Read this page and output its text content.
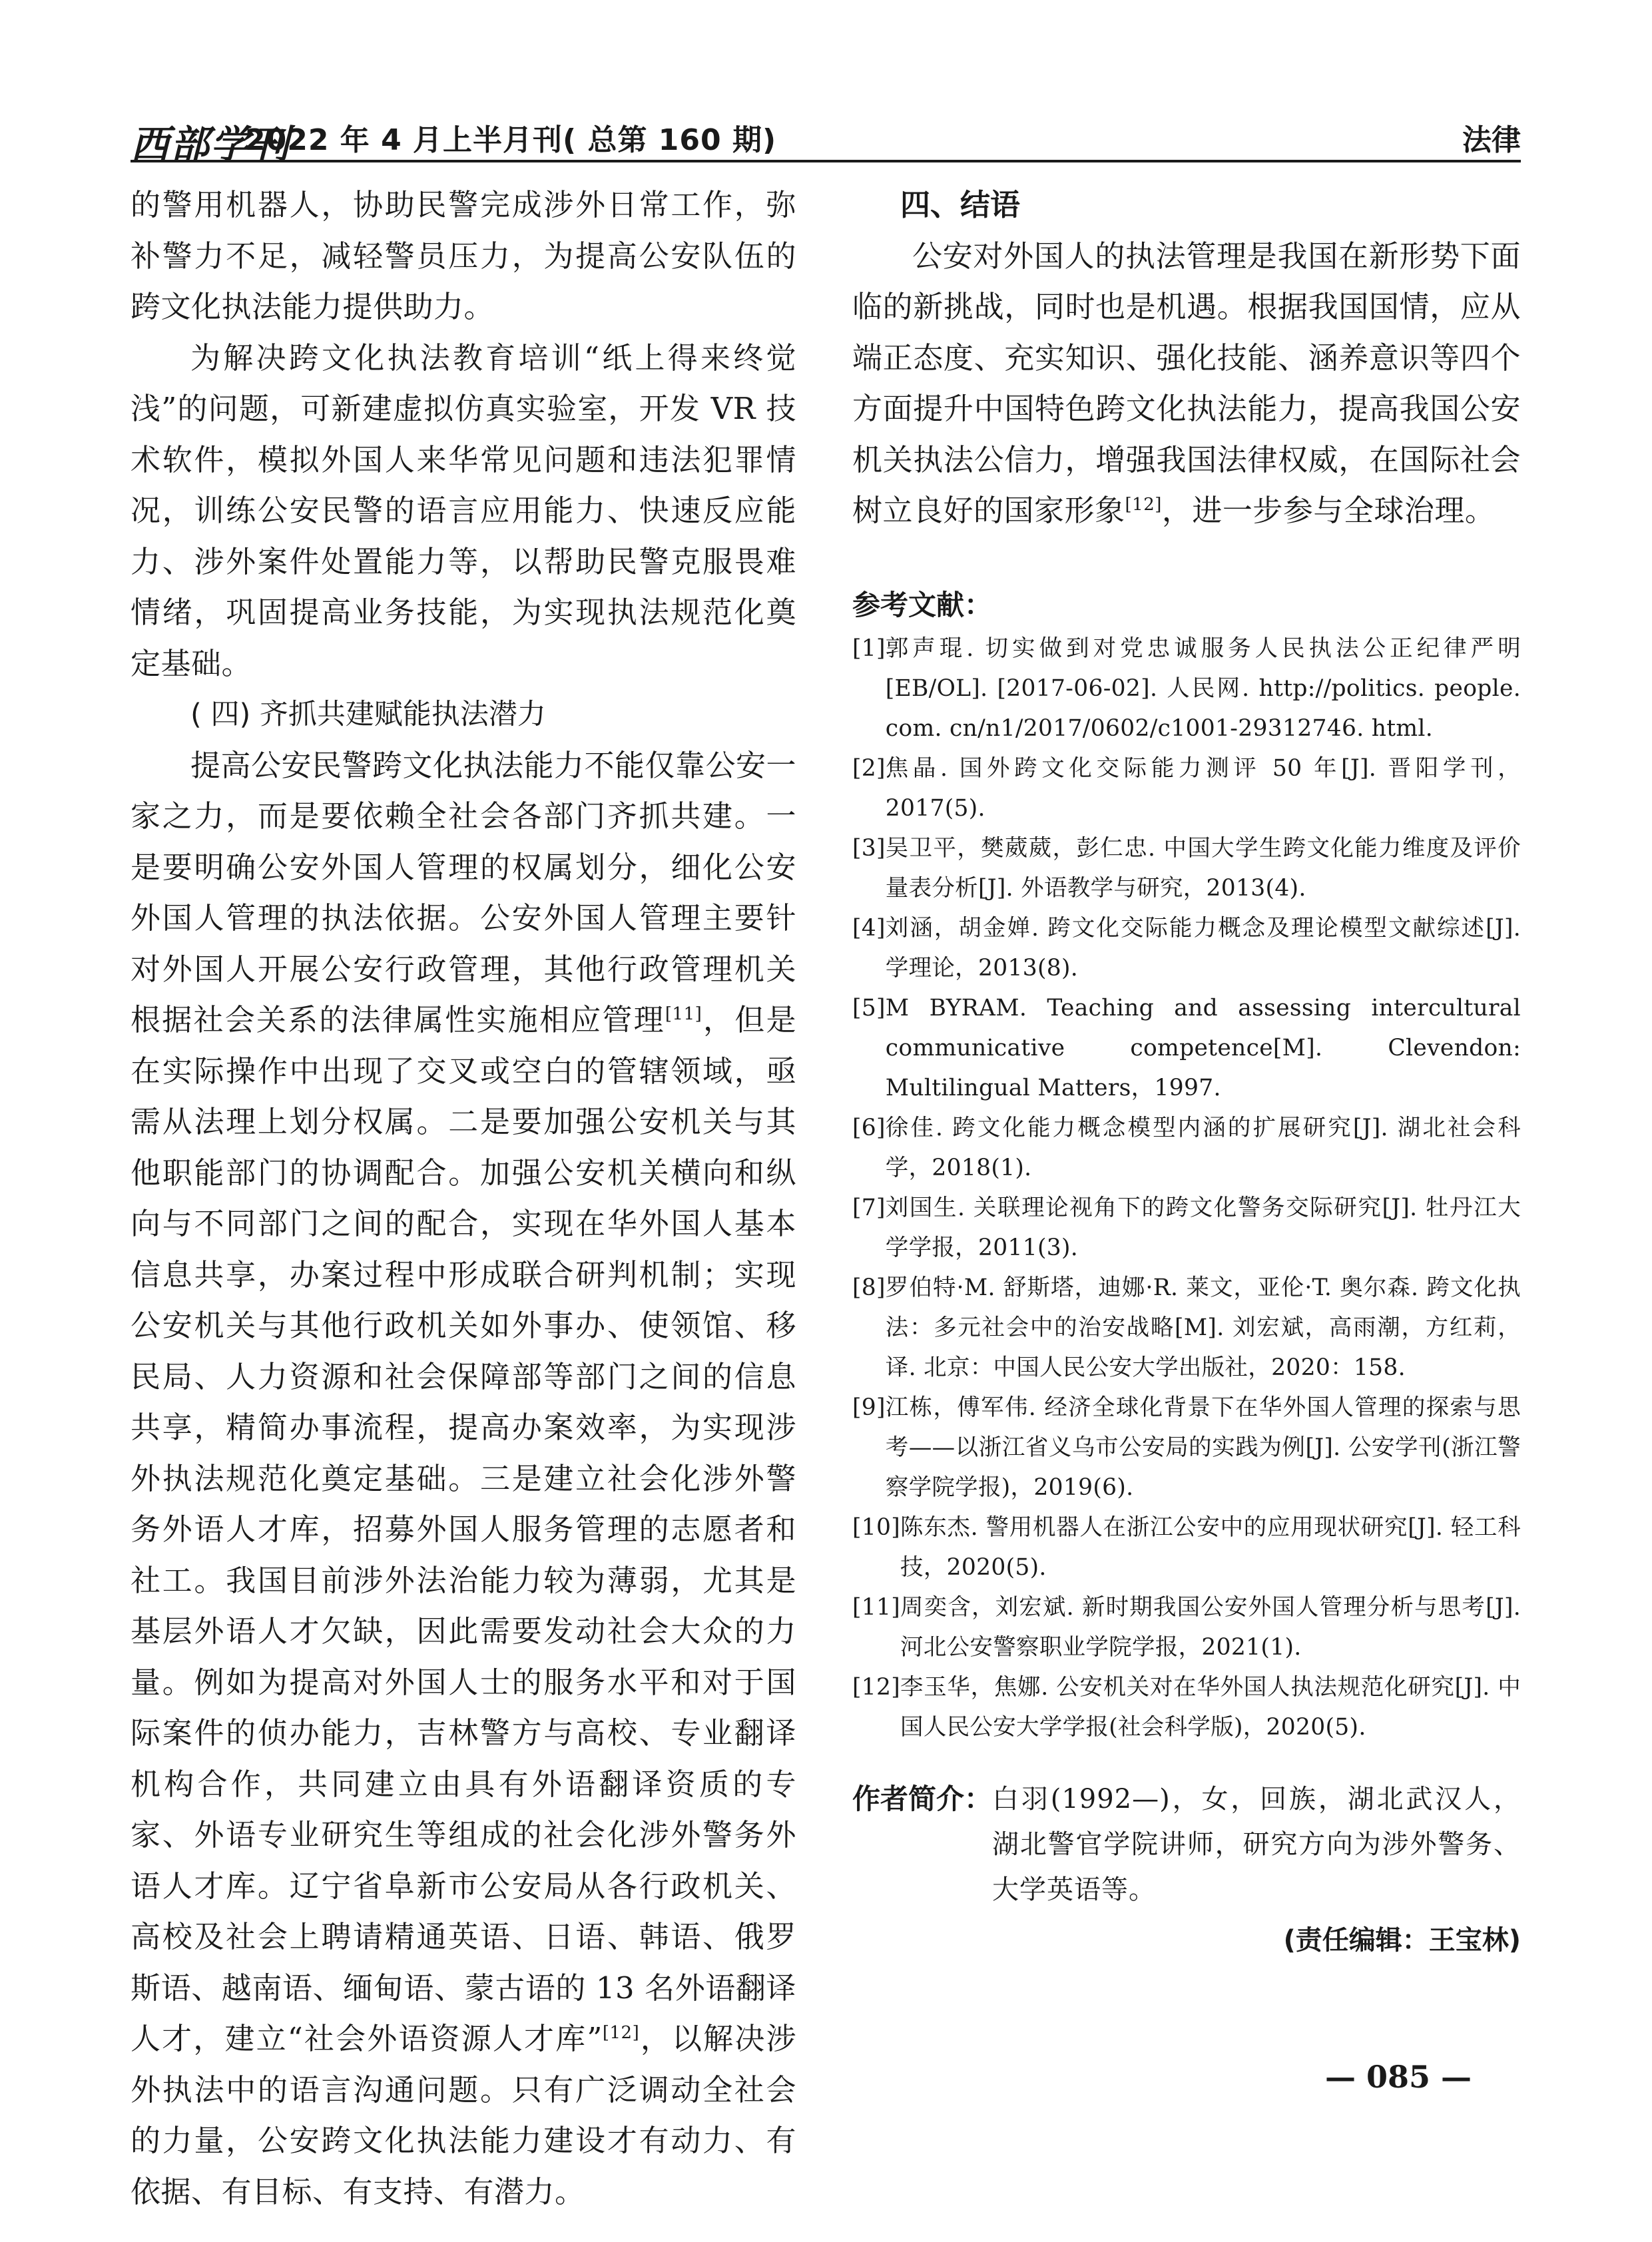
西部学刊
2022 年 4 月上半月刊( 总第 160 期)	法律

的警用机器人，协助民警完成涉外日常工作，弥补警力不足，减轻警员压力，为提高公安队伍的跨文化执法能力提供助力。

为解决跨文化执法教育培训“纸上得来终觉浅”的问题，可新建虚拟仿真实验室，开发 VR 技术软件，模拟外国人来华常见问题和违法犯罪情况，训练公安民警的语言应用能力、快速反应能力、涉外案件处置能力等，以帮助民警克服畏难情绪，巩固提高业务技能，为实现执法规范化奠定基础。

( 四) 齐抓共建赋能执法潜力

提高公安民警跨文化执法能力不能仅靠公安一家之力，而是要依赖全社会各部门齐抓共建。一是要明确公安外国人管理的权属划分，细化公安外国人管理的执法依据。公安外国人管理主要针对外国人开展公安行政管理，其他行政管理机关根据社会关系的法律属性实施相应管理[11]，但是在实际操作中出现了交叉或空白的管辖领域，亟需从法理上划分权属。二是要加强公安机关与其他职能部门的协调配合。加强公安机关横向和纵向与不同部门之间的配合，实现在华外国人基本信息共享，办案过程中形成联合研判机制；实现公安机关与其他行政机关如外事办、使领馆、移民局、人力资源和社会保障部等部门之间的信息共享，精简办事流程，提高办案效率，为实现涉外执法规范化奠定基础。三是建立社会化涉外警务外语人才库，招募外国人服务管理的志愿者和社工。我国目前涉外法治能力较为薄弱，尤其是基层外语人才欠缺，因此需要发动社会大众的力量。例如为提高对外国人士的服务水平和对于国际案件的侦办能力，吉林警方与高校、专业翻译机构合作，共同建立由具有外语翻译资质的专家、外语专业研究生等组成的社会化涉外警务外语人才库。辽宁省阜新市公安局从各行政机关、高校及社会上聘请精通英语、日语、韩语、俄罗斯语、越南语、缅甸语、蒙古语的 13 名外语翻译人才，建立“社会外语资源人才库”[12]，以解决涉外执法中的语言沟通问题。只有广泛调动全社会的力量，公安跨文化执法能力建设才有动力、有依据、有目标、有支持、有潜力。

四、结语

公安对外国人的执法管理是我国在新形势下面临的新挑战，同时也是机遇。根据我国国情，应从端正态度、充实知识、强化技能、涵养意识等四个方面提升中国特色跨文化执法能力，提高我国公安机关执法公信力，增强我国法律权威，在国际社会树立良好的国家形象[12]，进一步参与全球治理。

参考文献：

[1] 郭声琨. 切实做到对党忠诚服务人民执法公正纪律严明[EB/OL]. [2017-06-02]. 人民网. http://politics. people. com. cn/n1/2017/0602/c1001-29312746. html.
[2] 焦晶. 国外跨文化交际能力测评 50 年[J]. 晋阳学刊，2017(5).
[3] 吴卫平，樊葳葳，彭仁忠. 中国大学生跨文化能力维度及评价量表分析[J]. 外语教学与研究，2013(4).
[4] 刘涵，胡金婵. 跨文化交际能力概念及理论模型文献综述[J]. 学理论，2013(8).
[5] M BYRAM. Teaching and assessing intercultural communicative competence[M]. Clevendon: Multilingual Matters，1997.
[6] 徐佳. 跨文化能力概念模型内涵的扩展研究[J]. 湖北社会科学，2018(1).
[7] 刘国生. 关联理论视角下的跨文化警务交际研究[J]. 牡丹江大学学报，2011(3).
[8] 罗伯特·M. 舒斯塔，迪娜·R. 莱文，亚伦·T. 奥尔森. 跨文化执法：多元社会中的治安战略[M]. 刘宏斌，高雨潮，方红莉，译. 北京：中国人民公安大学出版社，2020：158.
[9] 江栋，傅军伟. 经济全球化背景下在华外国人管理的探索与思考——以浙江省义乌市公安局的实践为例[J]. 公安学刊(浙江警察学院学报)，2019(6).
[10] 陈东杰. 警用机器人在浙江公安中的应用现状研究[J]. 轻工科技，2020(5).
[11] 周奕含，刘宏斌. 新时期我国公安外国人管理分析与思考[J]. 河北公安警察职业学院学报，2021(1).
[12] 李玉华，焦娜. 公安机关对在华外国人执法规范化研究[J]. 中国人民公安大学学报(社会科学版)，2020(5).
作者简介： 白羽(1992—)，女，回族，湖北武汉人，湖北警官学院讲师，研究方向为涉外警务、大学英语等。
(责任编辑：王宝林)
— 085 —
